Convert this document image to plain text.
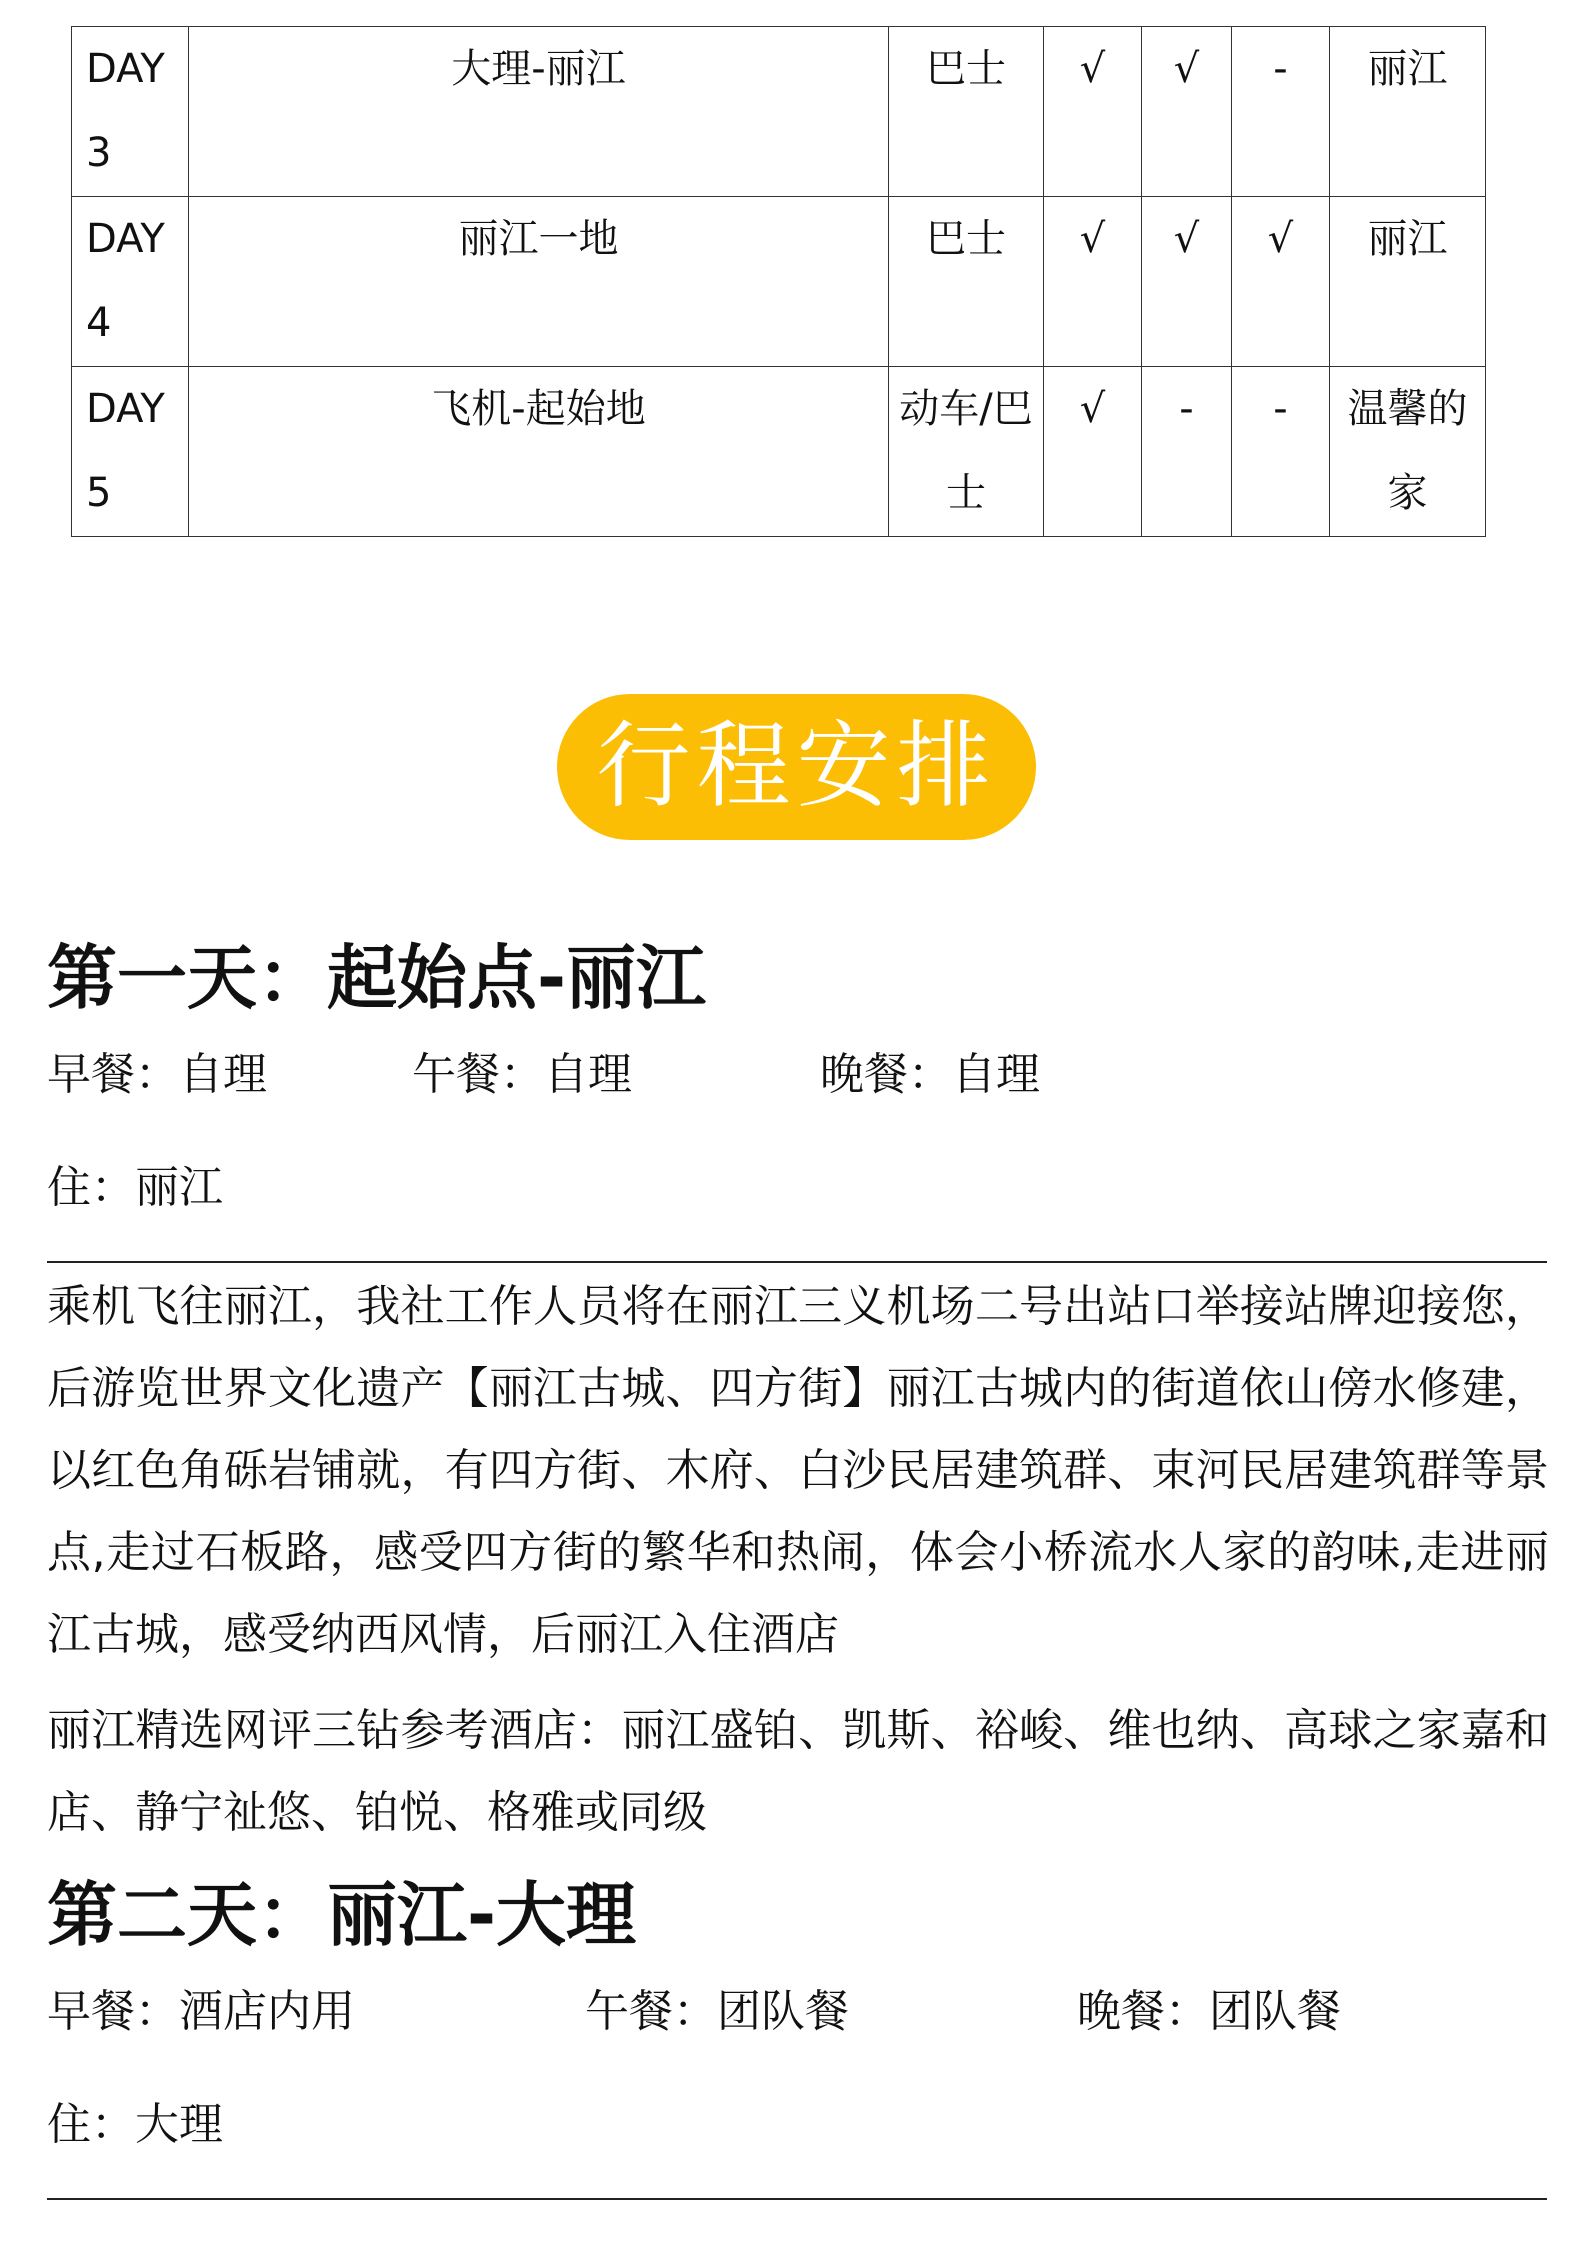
DAY3	大理-丽江	巴士	√	√	-	丽江
DAY4	丽江一地	巴士	√	√	√	丽江
DAY5	飞机-起始地	动车/巴士	√	-	-	温馨的家
行程安排
第一天：起始点-丽江
早餐：自理	午餐：自理	晚餐：自理
住：丽江

乘机飞往丽江，我社工作人员将在丽江三义机场二号出站口举接站牌迎接您，后游览世界文化遗产【丽江古城、四方街】丽江古城内的街道依山傍水修建，以红色角砾岩铺就，有四方街、木府、白沙民居建筑群、束河民居建筑群等景点,走过石板路，感受四方街的繁华和热闹，体会小桥流水人家的韵味,走进丽江古城，感受纳西风情，后丽江入住酒店

丽江精选网评三钻参考酒店：丽江盛铂、凯斯、裕峻、维也纳、高球之家嘉和店、静宁祉悠、铂悦、格雅或同级

第二天：丽江-大理
早餐：酒店内用	午餐：团队餐	晚餐：团队餐
住：大理
